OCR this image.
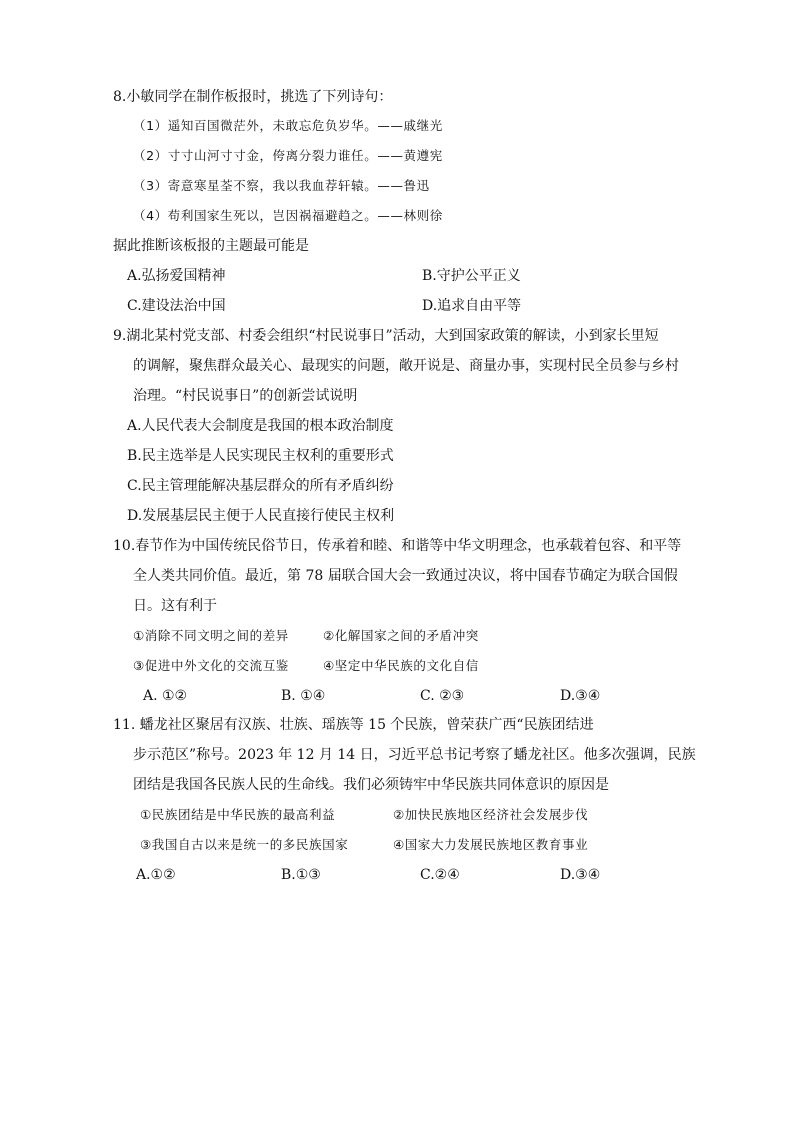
8.小敏同学在制作板报时，挑选了下列诗句：
（1）遥知百国微茫外，未敢忘危负岁华。——戚继光
（2）寸寸山河寸寸金，侉离分裂力谁任。——黄遵宪
（3）寄意寒星荃不察，我以我血荐轩辕。——鲁迅
（4）苟利国家生死以，岂因祸福避趋之。——林则徐
据此推断该板报的主题最可能是
A.弘扬爱国精神	B.守护公平正义
C.建设法治中国	D.追求自由平等
9.湖北某村党支部、村委会组织“村民说事日”活动，大到国家政策的解读，小到家长里短
的调解，聚焦群众最关心、最现实的问题，敞开说是、商量办事，实现村民全员参与乡村
治理。“村民说事日”的创新尝试说明
A.人民代表大会制度是我国的根本政治制度
B.民主选举是人民实现民主权利的重要形式
C.民主管理能解决基层群众的所有矛盾纠纷
D.发展基层民主便于人民直接行使民主权利
10.春节作为中国传统民俗节日，传承着和睦、和谐等中华文明理念，也承载着包容、和平等
全人类共同价值。最近，第 78 届联合国大会一致通过决议，将中国春节确定为联合国假
日。这有利于
①消除不同文明之间的差异	②化解国家之间的矛盾冲突
③促进中外文化的交流互鉴	④坚定中华民族的文化自信
A. ①②	B. ①④	C. ②③	D.③④
11. 蟠龙社区聚居有汉族、壮族、瑶族等 15 个民族，曾荣获广西“民族团结进
步示范区”称号。2023 年 12 月 14 日，习近平总书记考察了蟠龙社区。他多次强调，民族
团结是我国各民族人民的生命线。我们必须铸牢中华民族共同体意识的原因是
①民族团结是中华民族的最高利益	②加快民族地区经济社会发展步伐
③我国自古以来是统一的多民族国家	④国家大力发展民族地区教育事业
A.①②	B.①③	C.②④	D.③④
